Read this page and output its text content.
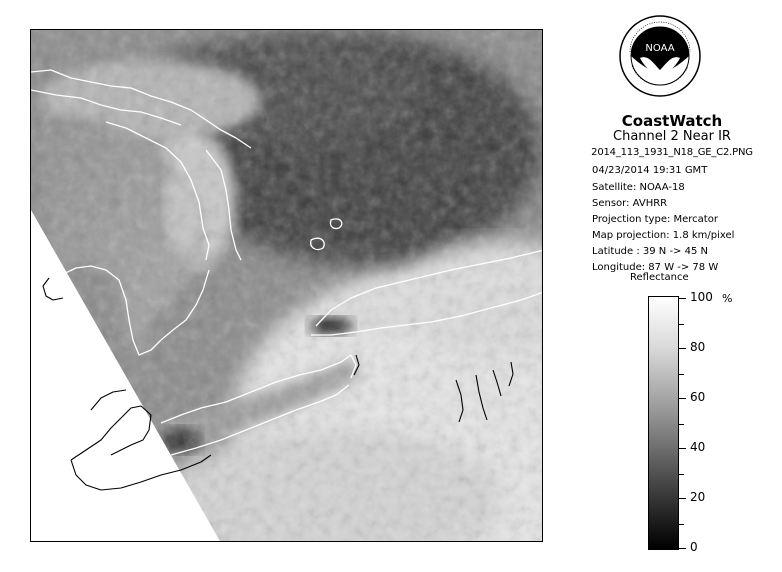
NOAA
CoastWatch
Channel 2 Near IR
2014_113_1931_N18_GE_C2.PNG
04/23/2014 19:31 GMT
Satellite: NOAA-18
Sensor: AVHRR
Projection type: Mercator
Map projection: 1.8 km/pixel
Latitude : 39 N -> 45 N
Longitude: 87 W -> 78 W
Reflectance
%
100
80
60
40
20
0
